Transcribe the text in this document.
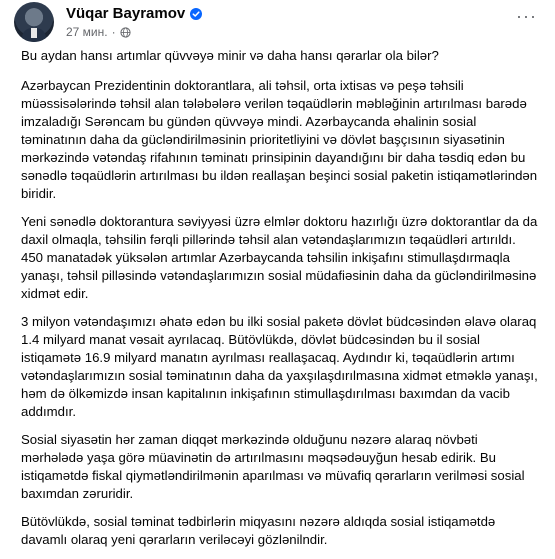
Vüqar Bayramov
27 мин. ·
···

Bu aydan hansı artımlar qüvvəyə minir və daha hansı qərarlar ola bilər?

Azərbaycan Prezidentinin doktorantlara, ali təhsil, orta ixtisas və peşə təhsili müəssisələrində təhsil alan tələbələrə verilən təqaüdlərin məbləğinin artırılması barədə imzaladığı Sərəncam bu gündən qüvvəyə mindi. Azərbaycanda əhalinin sosial təminatının daha da gücləndirilməsinin prioritetliyini və dövlət başçısının siyasətinin mərkəzində vətəndaş rifahının təminatı prinsipinin dayandığını bir daha təsdiq edən bu sənədlə təqaüdlərin artırılması bu ildən reallaşan beşinci sosial paketin istiqamətlərindən biridir.

Yeni sənədlə doktorantura səviyyəsi üzrə elmlər doktoru hazırlığı üzrə doktorantlar da da daxil olmaqla, təhsilin fərqli pillərində təhsil alan vətəndaşlarımızın təqaüdləri artırıldı. 450 manatadək yüksələn artımlar Azərbaycanda təhsilin inkişafını stimullaşdırmaqla yanaşı, təhsil pilləsində vətəndaşlarımızın sosial müdafiəsinin daha da gücləndirilməsinə xidmət edir.

3 milyon vətəndaşımızı əhatə edən bu ilki sosial paketə dövlət büdcəsindən əlavə olaraq 1.4 milyard manat vəsait ayrılacaq. Bütövlükdə, dövlət büdcəsindən bu il sosial istiqamətə 16.9 milyard manatın ayrılması reallaşacaq. Aydındır ki, təqaüdlərin artımı vətəndaşlarımızın sosial təminatının daha da yaxşılaşdırılmasına xidmət etməklə yanaşı, həm də ölkəmizdə insan kapitalının inkişafının stimullaşdırılması baxımdan da vacib addımdır.

Sosial siyasətin hər zaman diqqət mərkəzində olduğunu nəzərə alaraq növbəti mərhələdə yaşa görə müavinətin də artırılmasını məqsədəuyğun hesab edirik. Bu istiqamətdə fiskal qiymətləndirilmənin aparılması və müvafiq qərarların verilməsi sosial baxımdan zəruridir.

Bütövlükdə, sosial təminat tədbirlərin miqyasını nəzərə aldıqda sosial istiqamətdə davamlı olaraq yeni qərarların veriləcəyi gözlənilndir.
